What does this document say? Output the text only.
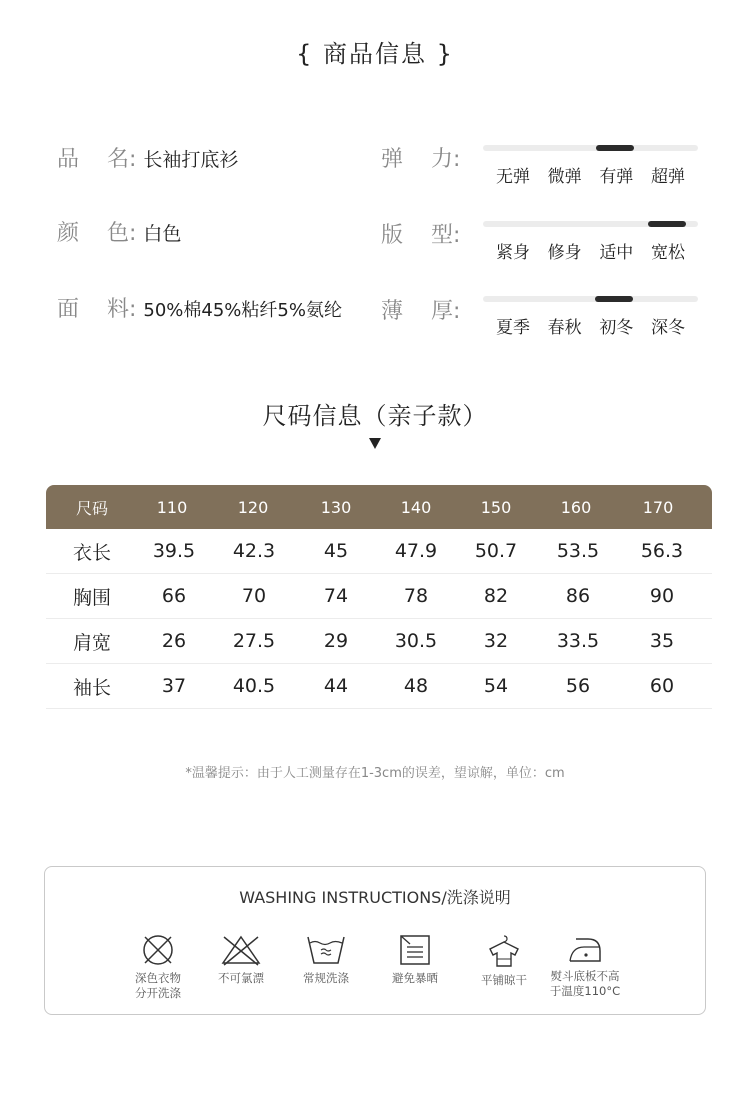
{ 商品信息 }
品    名: 长袖打底衫
颜    色: 白色
面    料: 50%棉45%粘纤5%氨纶
弹    力:
版    型:
薄    厚:
无弹 微弹 有弹 超弹
紧身 修身 适中 宽松
夏季 春秋 初冬 深冬
尺码信息（亲子款）
尺码	110	120	130	140	150	160	170
衣长	39.5	42.3	45	47.9	50.7	53.5	56.3
胸围	66	70	74	78	82	86	90
肩宽	26	27.5	29	30.5	32	33.5	35
袖长	37	40.5	44	48	54	56	60
*温馨提示：由于人工测量存在1-3cm的误差，望谅解，单位：cm
WASHING INSTRUCTIONS/洗涤说明
深色衣物
分开洗涤
不可氯漂	常规洗涤	避免暴晒	平铺晾干	熨斗底板不高
于温度110°C
